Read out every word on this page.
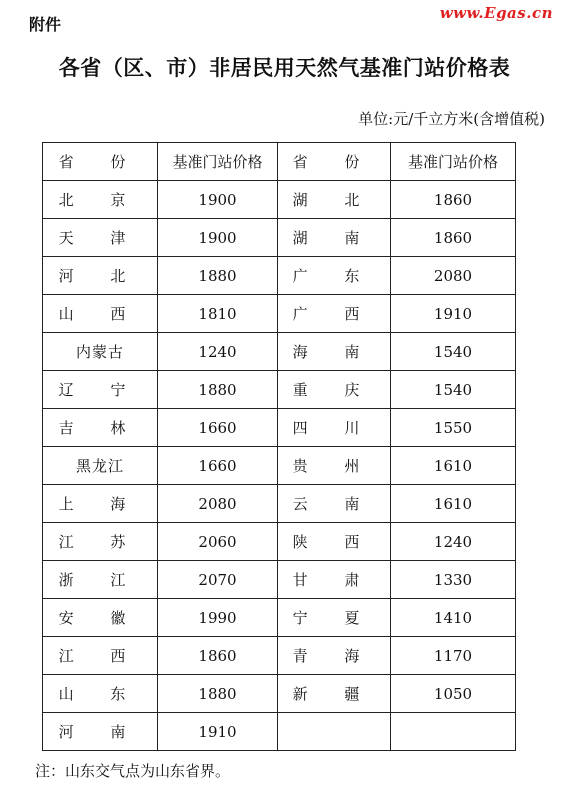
附件
www.Egas.cn
各省（区、市）非居民用天然气基准门站价格表
单位:元/千立方米(含增值税)
省 份	基准门站价格	省 份	基准门站价格
北 京	1900	湖 北	1860
天 津	1900	湖 南	1860
河 北	1880	广 东	2080
山 西	1810	广 西	1910
内蒙古	1240	海 南	1540
辽 宁	1880	重 庆	1540
吉 林	1660	四 川	1550
黑龙江	1660	贵 州	1610
上 海	2080	云 南	1610
江 苏	2060	陕 西	1240
浙 江	2070	甘 肃	1330
安 徽	1990	宁 夏	1410
江 西	1860	青 海	1170
山 东	1880	新 疆	1050
河 南	1910		
注：山东交气点为山东省界。
